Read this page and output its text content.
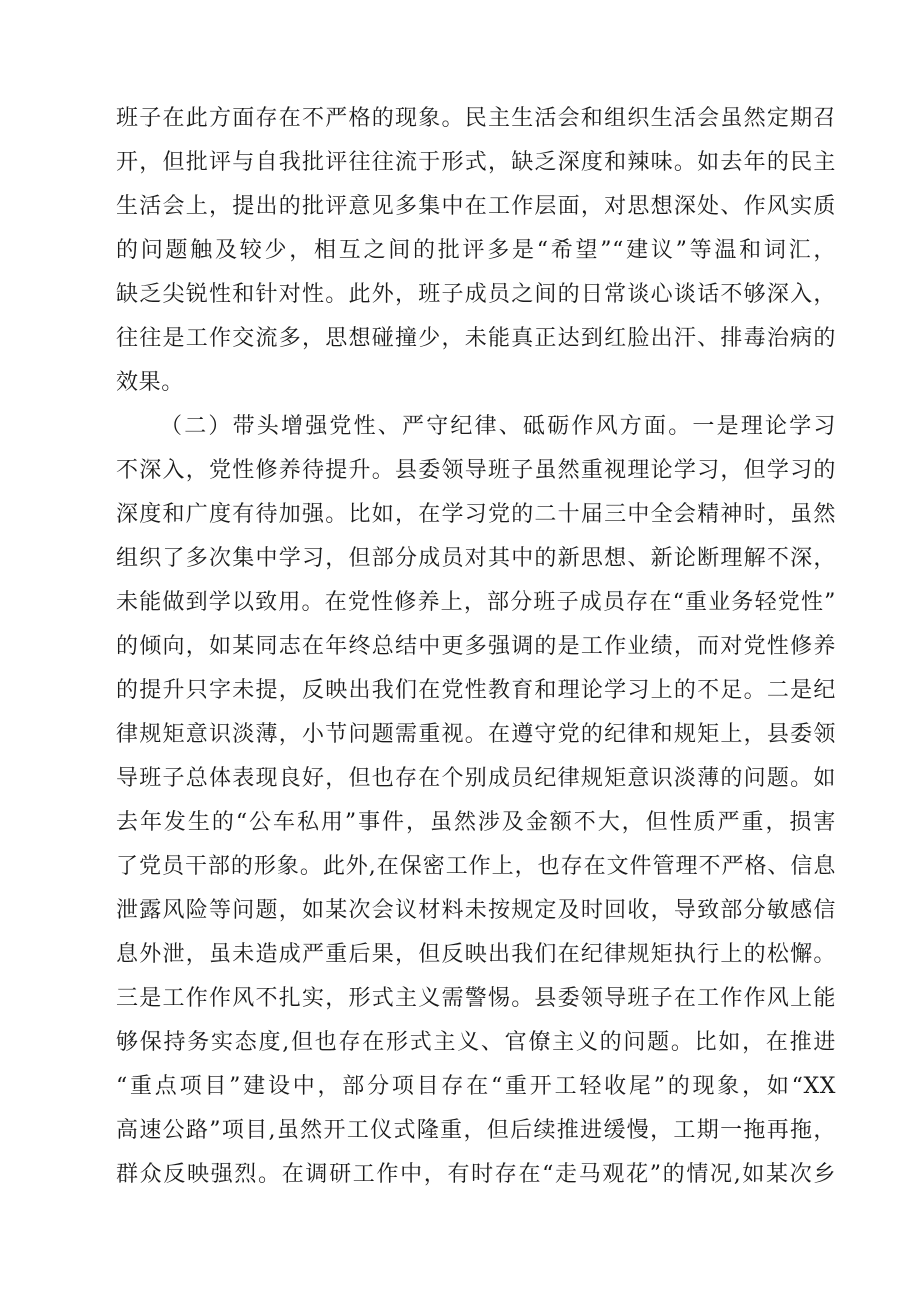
班子在此方面存在不严格的现象。民主生活会和组织生活会虽然定期召
开，但批评与自我批评往往流于形式，缺乏深度和辣味。如去年的民主
生活会上，提出的批评意见多集中在工作层面，对思想深处、作风实质
的问题触及较少，相互之间的批评多是“希望”“建议”等温和词汇，
缺乏尖锐性和针对性。此外，班子成员之间的日常谈心谈话不够深入，
往往是工作交流多，思想碰撞少，未能真正达到红脸出汗、排毒治病的
效果。
（二）带头增强党性、严守纪律、砥砺作风方面。一是理论学习
不深入，党性修养待提升。县委领导班子虽然重视理论学习，但学习的
深度和广度有待加强。比如，在学习党的二十届三中全会精神时，虽然
组织了多次集中学习，但部分成员对其中的新思想、新论断理解不深，
未能做到学以致用。在党性修养上，部分班子成员存在“重业务轻党性”
的倾向，如某同志在年终总结中更多强调的是工作业绩，而对党性修养
的提升只字未提，反映出我们在党性教育和理论学习上的不足。二是纪
律规矩意识淡薄，小节问题需重视。在遵守党的纪律和规矩上，县委领
导班子总体表现良好，但也存在个别成员纪律规矩意识淡薄的问题。如
去年发生的“公车私用”事件，虽然涉及金额不大，但性质严重，损害
了党员干部的形象。此外,在保密工作上，也存在文件管理不严格、信息
泄露风险等问题，如某次会议材料未按规定及时回收，导致部分敏感信
息外泄，虽未造成严重后果，但反映出我们在纪律规矩执行上的松懈。
三是工作作风不扎实，形式主义需警惕。县委领导班子在工作作风上能
够保持务实态度,但也存在形式主义、官僚主义的问题。比如，在推进
“重点项目”建设中，部分项目存在“重开工轻收尾”的现象，如“XX
高速公路”项目,虽然开工仪式隆重，但后续推进缓慢，工期一拖再拖，
群众反映强烈。在调研工作中，有时存在“走马观花”的情况,如某次乡
